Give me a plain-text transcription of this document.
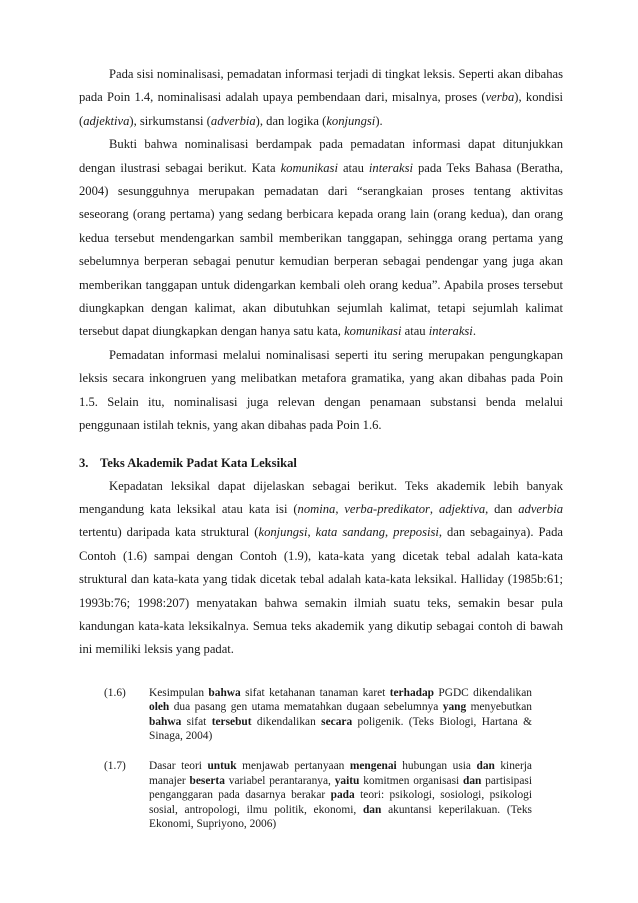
Pada sisi nominalisasi, pemadatan informasi terjadi di tingkat leksis. Seperti akan dibahas pada Poin 1.4, nominalisasi adalah upaya pembendaan dari, misalnya, proses (verba), kondisi (adjektiva), sirkumstansi (adverbia), dan logika (konjungsi).

Bukti bahwa nominalisasi berdampak pada pemadatan informasi dapat ditunjukkan dengan ilustrasi sebagai berikut. Kata komunikasi atau interaksi pada Teks Bahasa (Beratha, 2004) sesungguhnya merupakan pemadatan dari “serangkaian proses tentang aktivitas seseorang (orang pertama) yang sedang berbicara kepada orang lain (orang kedua), dan orang kedua tersebut mendengarkan sambil memberikan tanggapan, sehingga orang pertama yang sebelumnya berperan sebagai penutur kemudian berperan sebagai pendengar yang juga akan memberikan tanggapan untuk didengarkan kembali oleh orang kedua”. Apabila proses tersebut diungkapkan dengan kalimat, akan dibutuhkan sejumlah kalimat, tetapi sejumlah kalimat tersebut dapat diungkapkan dengan hanya satu kata, komunikasi atau interaksi.

Pemadatan informasi melalui nominalisasi seperti itu sering merupakan pengungkapan leksis secara inkongruen yang melibatkan metafora gramatika, yang akan dibahas pada Poin 1.5. Selain itu, nominalisasi juga relevan dengan penamaan substansi benda melalui penggunaan istilah teknis, yang akan dibahas pada Poin 1.6.

3. Teks Akademik Padat Kata Leksikal

Kepadatan leksikal dapat dijelaskan sebagai berikut. Teks akademik lebih banyak mengandung kata leksikal atau kata isi (nomina, verba-predikator, adjektiva, dan adverbia tertentu) daripada kata struktural (konjungsi, kata sandang, preposisi, dan sebagainya). Pada Contoh (1.6) sampai dengan Contoh (1.9), kata-kata yang dicetak tebal adalah kata-kata struktural dan kata-kata yang tidak dicetak tebal adalah kata-kata leksikal. Halliday (1985b:61; 1993b:76; 1998:207) menyatakan bahwa semakin ilmiah suatu teks, semakin besar pula kandungan kata-kata leksikalnya. Semua teks akademik yang dikutip sebagai contoh di bawah ini memiliki leksis yang padat.

(1.6)	Kesimpulan bahwa sifat ketahanan tanaman karet terhadap PGDC dikendalikan oleh dua pasang gen utama mematahkan dugaan sebelumnya yang menyebutkan bahwa sifat tersebut dikendalikan secara poligenik. (Teks Biologi, Hartana & Sinaga, 2004)
(1.7)	Dasar teori untuk menjawab pertanyaan mengenai hubungan usia dan kinerja manajer beserta variabel perantaranya, yaitu komitmen organisasi dan partisipasi penganggaran pada dasarnya berakar pada teori: psikologi, sosiologi, psikologi sosial, antropologi, ilmu politik, ekonomi, dan akuntansi keperilakuan. (Teks Ekonomi, Supriyono, 2006)
